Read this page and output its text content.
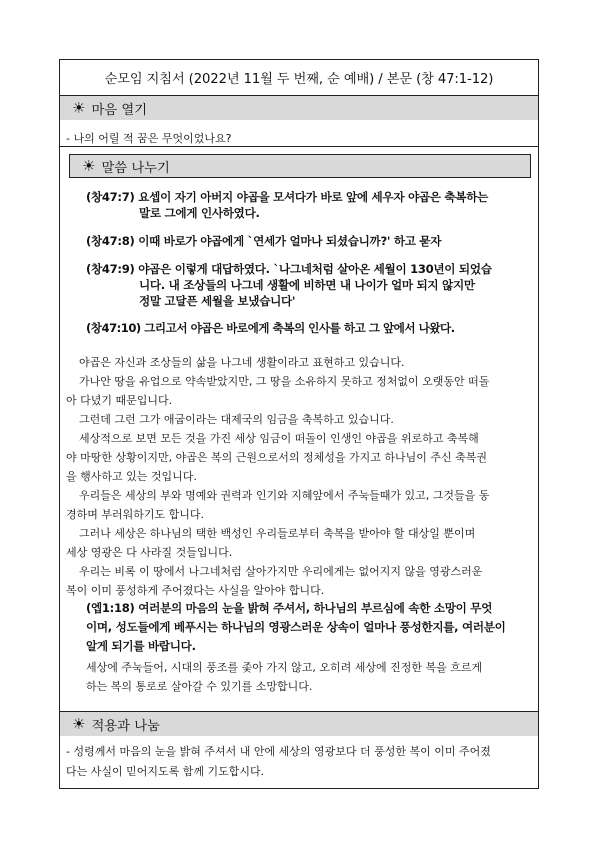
순모임 지침서 (2022년 11월 두 번째, 순 예배) / 본문 (창 47:1-12)
☀ 마음 열기
- 나의 어릴 적 꿈은 무엇이었나요?
☀ 말씀 나누기
(창47:7) 요셉이 자기 아버지 야곱을 모셔다가 바로 앞에 세우자 야곱은 축복하는
말로 그에게 인사하였다.
(창47:8) 이때 바로가 야곱에게 `연세가 얼마나 되셨습니까?' 하고 묻자
(창47:9) 야곱은 이렇게 대답하였다. `나그네처럼 살아온 세월이 130년이 되었습
니다. 내 조상들의 나그네 생활에 비하면 내 나이가 얼마 되지 않지만
정말 고달픈 세월을 보냈습니다'
(창47:10) 그리고서 야곱은 바로에게 축복의 인사를 하고 그 앞에서 나왔다.

야곱은 자신과 조상들의 삶을 나그네 생활이라고 표현하고 있습니다.

가나안 땅을 유업으로 약속받았지만, 그 땅을 소유하지 못하고 정처없이 오랫동안 떠돌

아 다녔기 때문입니다.

그런데 그런 그가 애굽이라는 대제국의 임금을 축복하고 있습니다.

세상적으로 보면 모든 것을 가진 세상 임금이 떠돌이 인생인 야곱을 위로하고 축복해

야 마땅한 상황이지만, 야곱은 복의 근원으로서의 정체성을 가지고 하나님이 주신 축복권

을 행사하고 있는 것입니다.

우리들은 세상의 부와 명예와 권력과 인기와 지혜앞에서 주눅들때가 있고, 그것들을 동

경하며 부러워하기도 합니다.

그러나 세상은 하나님의 택한 백성인 우리들로부터 축복을 받아야 할 대상일 뿐이며

세상 영광은 다 사라질 것들입니다.

우리는 비록 이 땅에서 나그네처럼 살아가지만 우리에게는 없어지지 않을 영광스러운

복이 이미 풍성하게 주어졌다는 사실을 알아야 합니다.

(엡1:18) 여러분의 마음의 눈을 밝혀 주셔서, 하나님의 부르심에 속한 소망이 무엇
이며, 성도들에게 베푸시는 하나님의 영광스러운 상속이 얼마나 풍성한지를, 여러분이
알게 되기를 바랍니다.
세상에 주눅들어, 시대의 풍조를 좇아 가지 않고, 오히려 세상에 진정한 복을 흐르게
하는 복의 통로로 살아갈 수 있기를 소망합니다.
☀ 적용과 나눔
- 성령께서 마음의 눈을 밝혀 주셔서 내 안에 세상의 영광보다 더 풍성한 복이 이미 주어졌
다는 사실이 믿어지도록 함께 기도합시다.
